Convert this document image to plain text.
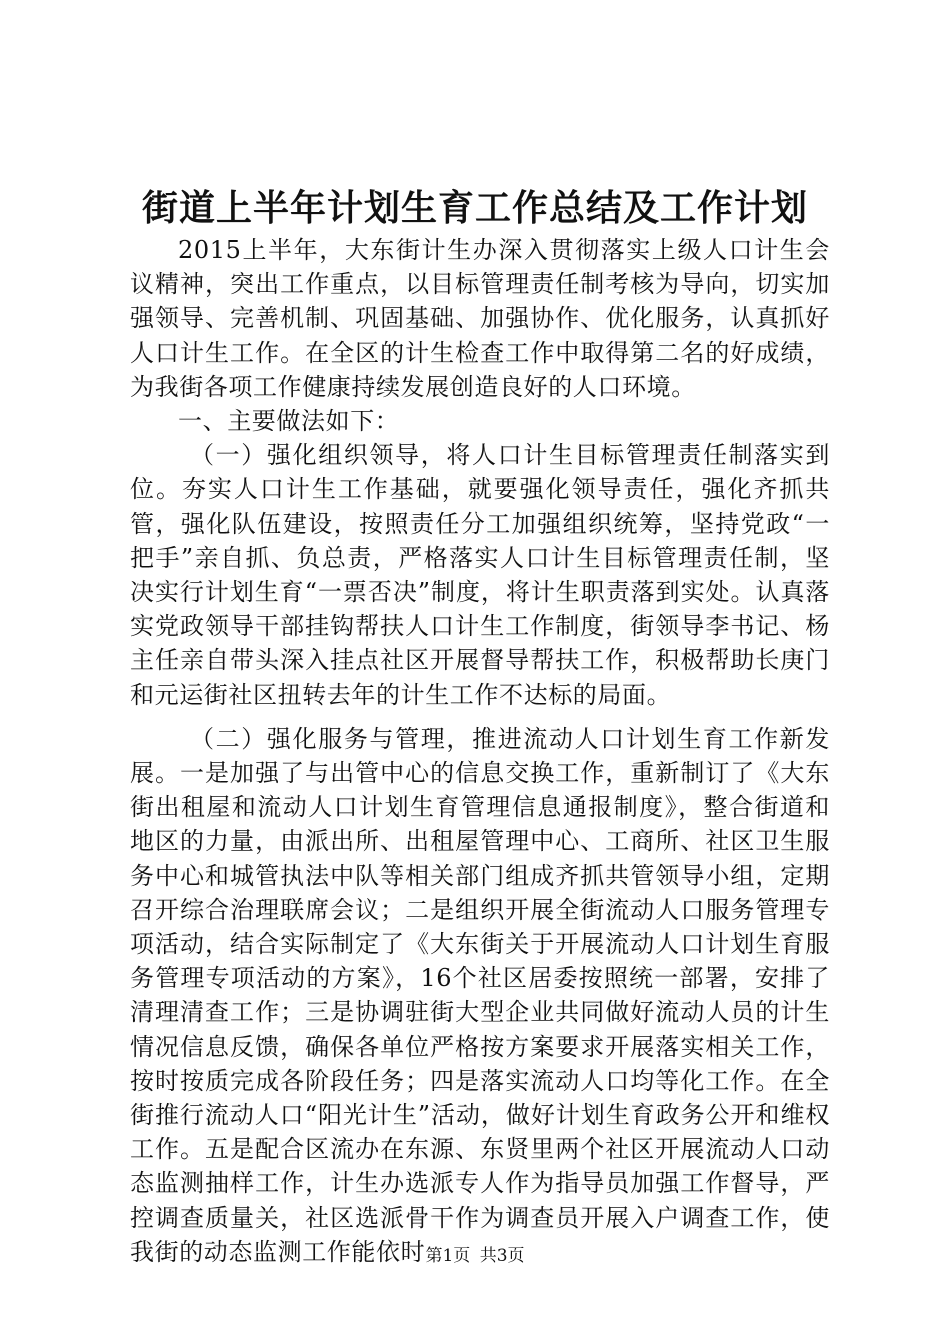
街道上半年计划生育工作总结及工作计划

2015上半年，大东街计生办深入贯彻落实上级人口计生会议精神，突出工作重点，以目标管理责任制考核为导向，切实加强领导、完善机制、巩固基础、加强协作、优化服务，认真抓好人口计生工作。在全区的计生检查工作中取得第二名的好成绩，为我街各项工作健康持续发展创造良好的人口环境。

一、主要做法如下：

（一）强化组织领导，将人口计生目标管理责任制落实到位。夯实人口计生工作基础，就要强化领导责任，强化齐抓共管，强化队伍建设，按照责任分工加强组织统筹，坚持党政“一把手”亲自抓、负总责，严格落实人口计生目标管理责任制，坚决实行计划生育“一票否决”制度，将计生职责落到实处。认真落实党政领导干部挂钩帮扶人口计生工作制度，街领导李书记、杨主任亲自带头深入挂点社区开展督导帮扶工作，积极帮助长庚门和元运街社区扭转去年的计生工作不达标的局面。

（二）强化服务与管理，推进流动人口计划生育工作新发展。一是加强了与出管中心的信息交换工作，重新制订了《大东街出租屋和流动人口计划生育管理信息通报制度》，整合街道和地区的力量，由派出所、出租屋管理中心、工商所、社区卫生服务中心和城管执法中队等相关部门组成齐抓共管领导小组，定期召开综合治理联席会议；二是组织开展全街流动人口服务管理专项活动，结合实际制定了《大东街关于开展流动人口计划生育服务管理专项活动的方案》，16个社区居委按照统一部署，安排了清理清查工作；三是协调驻街大型企业共同做好流动人员的计生情况信息反馈，确保各单位严格按方案要求开展落实相关工作，按时按质完成各阶段任务；四是落实流动人口均等化工作。在全街推行流动人口“阳光计生”活动，做好计划生育政务公开和维权工作。五是配合区流办在东源、东贤里两个社区开展流动人口动态监测抽样工作，计生办选派专人作为指导员加强工作督导，严控调查质量关，社区选派骨干作为调查员开展入户调查工作，使我街的动态监测工作能依时 第1页 共3页
